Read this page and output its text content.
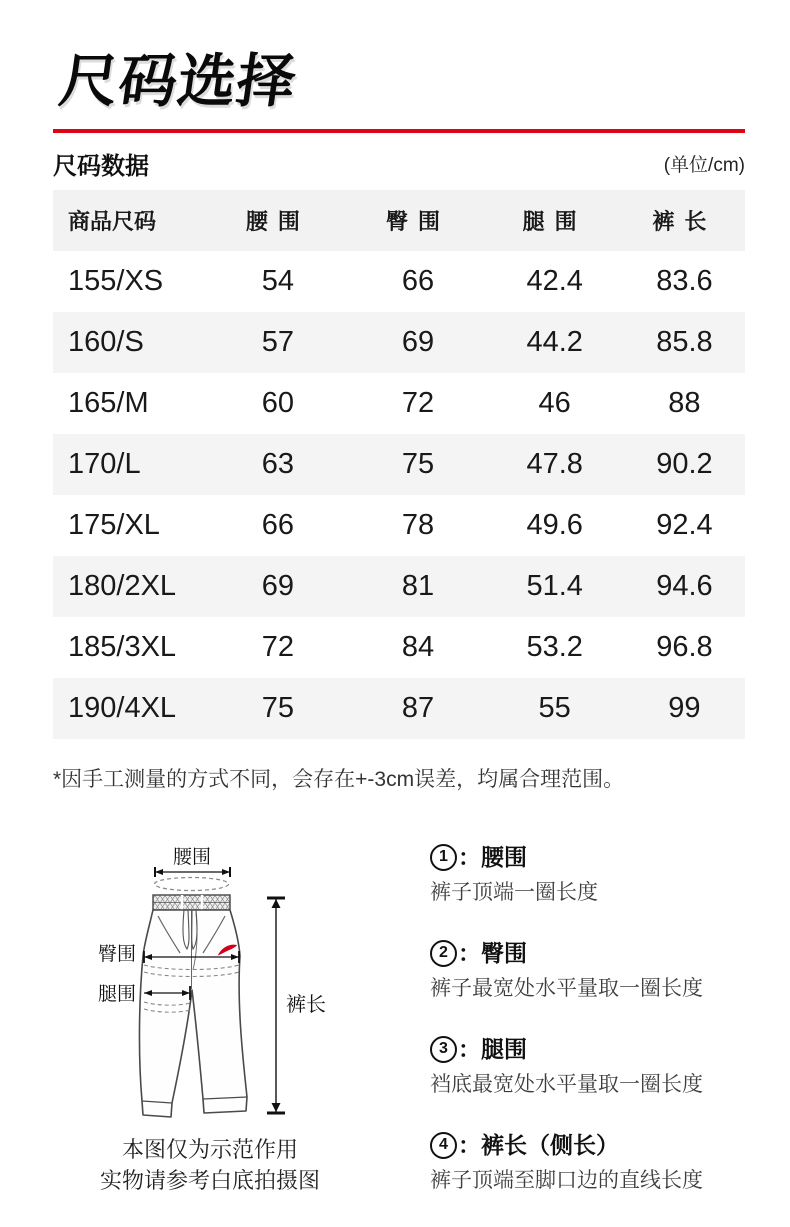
尺码选择
尺码数据	(单位/cm)
商品尺码	腰围	臀围	腿围	裤长
155/XS	54	66	42.4	83.6
160/S	57	69	44.2	85.8
165/M	60	72	46	88
170/L	63	75	47.8	90.2
175/XL	66	78	49.6	92.4
180/2XL	69	81	51.4	94.6
185/3XL	72	84	53.2	96.8
190/4XL	75	87	55	99
*因手工测量的方式不同，会存在+-3cm误差，均属合理范围。
腰围
臀围
腿围	裤长
本图仅为示范作用
实物请参考白底拍摄图
1 ：腰围
裤子顶端一圈长度
2 ：臀围
裤子最宽处水平量取一圈长度
3 ：腿围
裆底最宽处水平量取一圈长度
4 ：裤长（侧长）
裤子顶端至脚口边的直线长度
